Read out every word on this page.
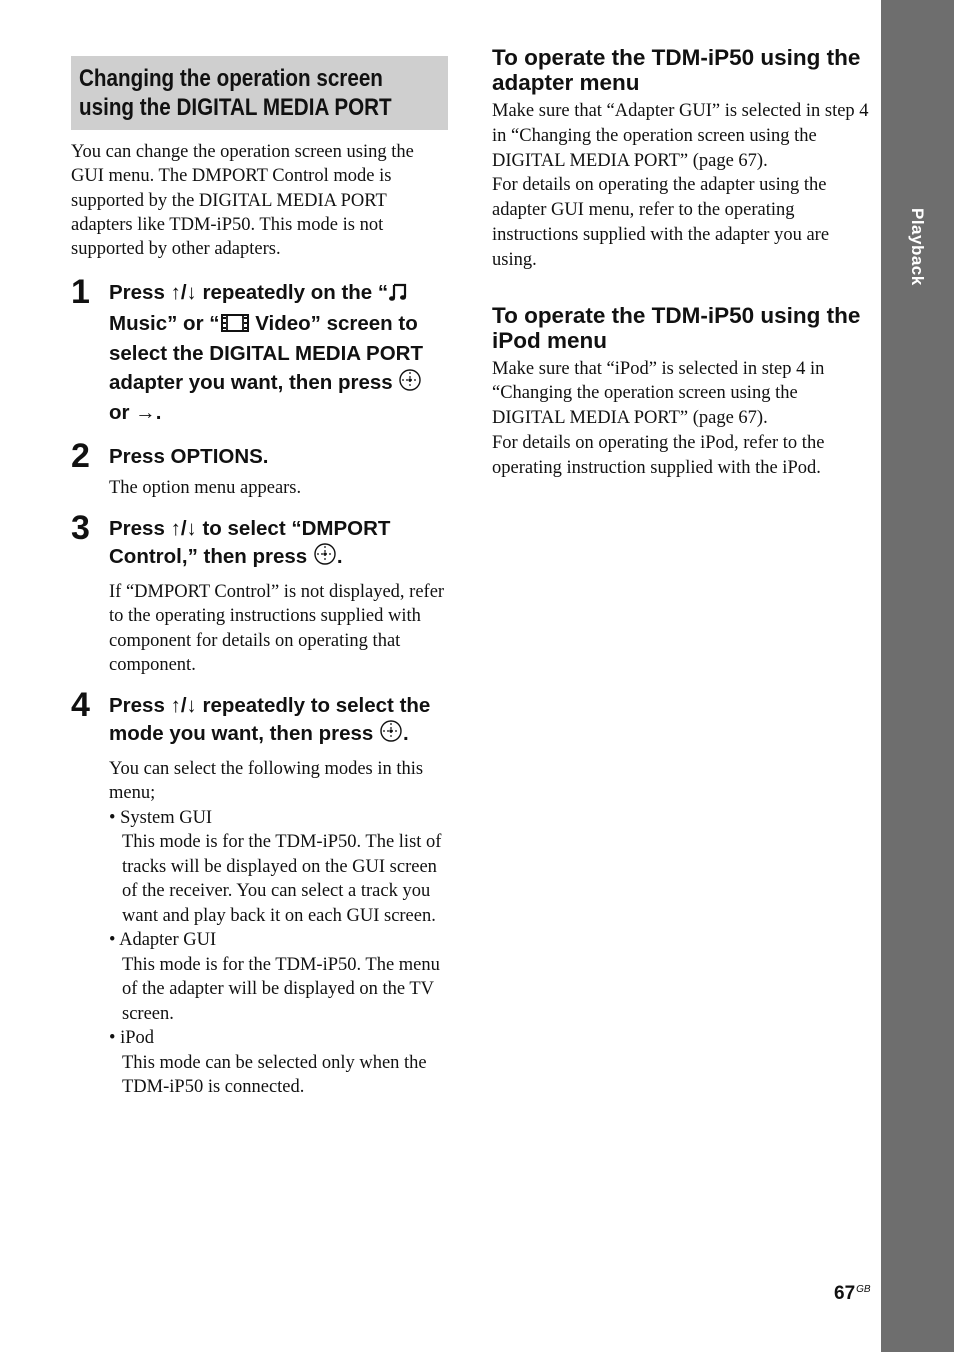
Playback
Changing the operation screen
using the DIGITAL MEDIA PORT

You can change the operation screen using the GUI menu. The DMPORT Control mode is supported by the DIGITAL MEDIA PORT adapters like TDM-iP50. This mode is not supported by other adapters.

1 Press ↑/↓ repeatedly on the “Music” or “ Video” screen to select the DIGITAL MEDIA PORT adapter you want, then press  or →.

2 Press OPTIONS.

The option menu appears.

3 Press ↑/↓ to select “DMPORT Control,” then press .

If “DMPORT Control” is not displayed, refer to the operating instructions supplied with component for details on operating that component.

4 Press ↑/↓ repeatedly to select the mode you want, then press .

You can select the following modes in this menu;

• System GUI
This mode is for the TDM-iP50. The list of tracks will be displayed on the GUI screen of the receiver. You can select a track you want and play back it on each GUI screen.
• Adapter GUI
This mode is for the TDM-iP50. The menu of the adapter will be displayed on the TV screen.
• iPod
This mode can be selected only when the TDM-iP50 is connected.
To operate the TDM-iP50 using the adapter menu

Make sure that “Adapter GUI” is selected in step 4 in “Changing the operation screen using the DIGITAL MEDIA PORT” (page 67).

For details on operating the adapter using the adapter GUI menu, refer to the operating instructions supplied with the adapter you are using.

To operate the TDM-iP50 using the iPod menu

Make sure that “iPod” is selected in step 4 in “Changing the operation screen using the DIGITAL MEDIA PORT” (page 67).

For details on operating the iPod, refer to the operating instruction supplied with the iPod.

$67^{GB}$
